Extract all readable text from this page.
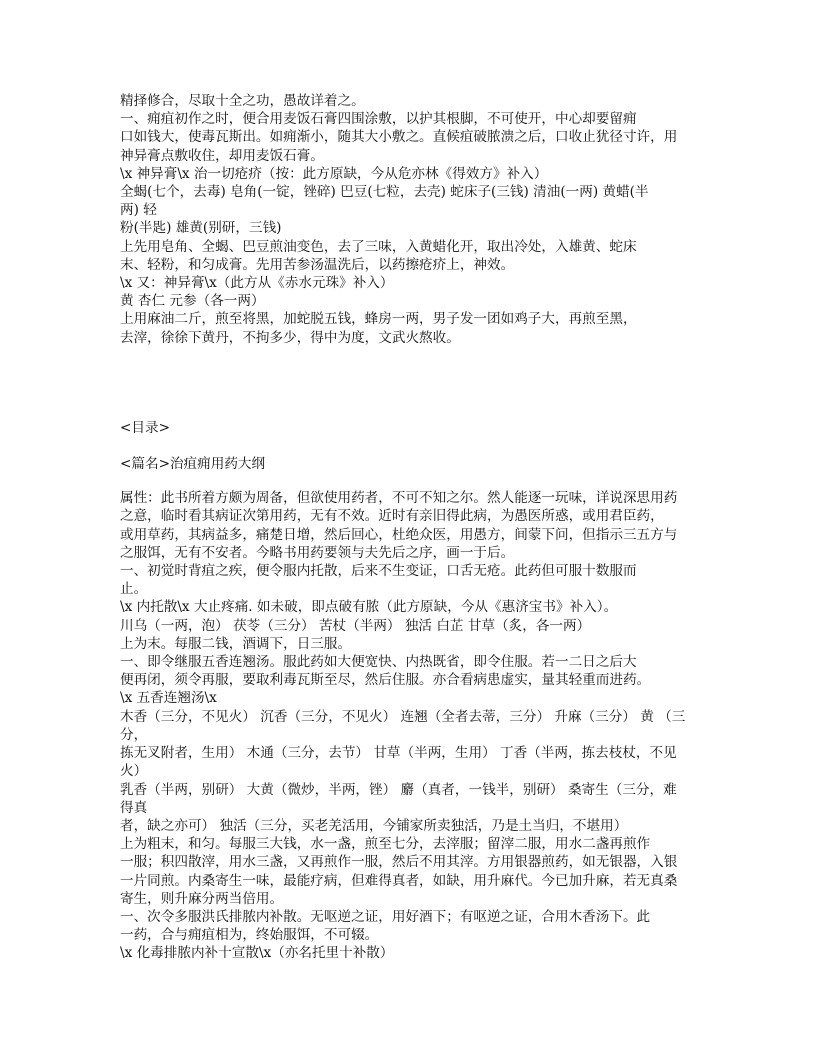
精择修合，尽取十全之功，愚故详着之。

一、痈疽初作之时，便合用麦饭石膏四围涂敷，以护其根脚，不可使开，中心却要留痈

口如钱大，使毒瓦斯出。如痈渐小，随其大小敷之。直候疽破脓溃之后，口收止犹径寸许，用

神异膏点敷收住，却用麦饭石膏。

\x 神异膏\x 治一切疮疥（按：此方原缺，今从危亦林《得效方》补入）

全蝎(七个，去毒) 皂角(一锭，锉碎) 巴豆(七粒，去壳) 蛇床子(三钱) 清油(一两) 黄蜡(半

两) 轻

粉(半匙) 雄黄(别研，三钱)

上先用皂角、全蝎、巴豆煎油变色，去了三味，入黄蜡化开，取出冷处，入雄黄、蛇床

末、轻粉，和匀成膏。先用苦参汤温洗后，以药擦疮疥上，神效。

\x 又：神异膏\x（此方从《赤水元珠》补入）

黄 杏仁 元参（各一两）

上用麻油二斤，煎至将黑，加蛇脱五钱，蜂房一两，男子发一团如鸡子大，再煎至黑，

去滓，徐徐下黄丹，不拘多少，得中为度，文武火熬收。

<目录>

<篇名>治疽痈用药大纲

属性：此书所着方颇为周备，但欲使用药者，不可不知之尔。然人能逐一玩味，详说深思用药

之意，临时看其病证次第用药，无有不效。近时有亲旧得此病，为愚医所惑，或用君臣药，

或用草药，其病益多，痛楚日增，然后回心，杜绝众医，用愚方，间蒙下问，但指示三五方与

之服饵，无有不安者。今略书用药要领与夫先后之序，画一于后。

一、初觉时背疽之疾，便令服内托散，后来不生变证，口舌无疮。此药但可服十数服而

止。

\x 内托散\x 大止疼痛. 如未破，即点破有脓（此方原缺，今从《惠济宝书》补入）。

川乌（一两，泡） 茯苓（三分） 苦杖（半两） 独活 白芷 甘草（炙，各一两）

上为末。每服二钱，酒调下，日三服。

一、即令继服五香连翘汤。服此药如大便宽快、内热既省，即令住服。若一二日之后大

便再闭，须令再服，要取利毒瓦斯至尽，然后住服。亦合看病患虚实，量其轻重而进药。

\x 五香连翘汤\x

木香（三分，不见火） 沉香（三分，不见火） 连翘（全者去蒂，三分） 升麻（三分） 黄 （三

分，

拣无叉附者，生用） 木通（三分，去节） 甘草（半两，生用） 丁香（半两，拣去枝杖，不见

火）

乳香（半两，别研） 大黄（微炒，半两，锉） 麝（真者，一钱半，别研） 桑寄生（三分，难

得真

者，缺之亦可） 独活（三分，买老羌活用，今铺家所卖独活，乃是土当归，不堪用）

上为粗末，和匀。每服三大钱，水一盏，煎至七分，去滓服；留滓二服，用水二盏再煎作

一服；积四散滓，用水三盏，又再煎作一服，然后不用其滓。方用银器煎药，如无银器，入银

一片同煎。内桑寄生一味，最能疗病，但难得真者，如缺，用升麻代。今已加升麻，若无真桑

寄生，则升麻分两当倍用。

一、次令多服洪氏排脓内补散。无呕逆之证，用好酒下；有呕逆之证，合用木香汤下。此

一药，合与痈疽相为，终始服饵，不可辍。

\x 化毒排脓内补十宣散\x（亦名托里十补散）
